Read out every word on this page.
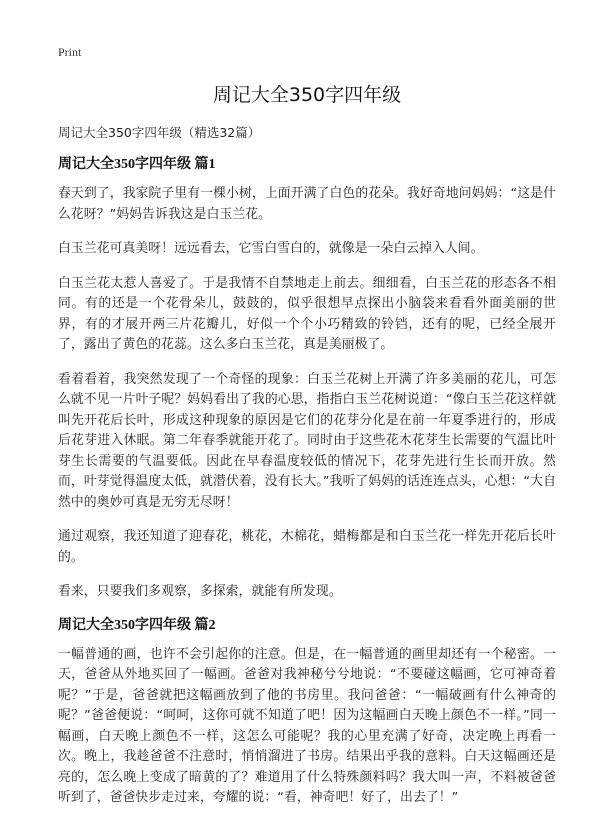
Print
周记大全350字四年级
周记大全350字四年级（精选32篇）
周记大全350字四年级 篇1

春天到了，我家院子里有一棵小树，上面开满了白色的花朵。我好奇地问妈妈：“这是什么花呀？”妈妈告诉我这是白玉兰花。

白玉兰花可真美呀！远远看去，它雪白雪白的，就像是一朵白云掉入人间。

白玉兰花太惹人喜爱了。于是我情不自禁地走上前去。细细看，白玉兰花的形态各不相同。有的还是一个花骨朵儿，鼓鼓的，似乎很想早点探出小脑袋来看看外面美丽的世界，有的才展开两三片花瓣儿，好似一个个小巧精致的铃铛，还有的呢，已经全展开了，露出了黄色的花蕊。这么多白玉兰花，真是美丽极了。

看着看着，我突然发现了一个奇怪的现象：白玉兰花树上开满了许多美丽的花儿，可怎么就不见一片叶子呢？妈妈看出了我的心思，指指白玉兰花树说道：“像白玉兰花这样就叫先开花后长叶，形成这种现象的原因是它们的花芽分化是在前一年夏季进行的，形成后花芽进入休眠。第二年春季就能开花了。同时由于这些花木花芽生长需要的气温比叶芽生长需要的气温要低。因此在早春温度较低的情况下，花芽先进行生长而开放。然而，叶芽觉得温度太低，就潜伏着，没有长大。”我听了妈妈的话连连点头，心想：“大自然中的奥妙可真是无穷无尽呀！

通过观察，我还知道了迎春花，桃花，木棉花，蜡梅都是和白玉兰花一样先开花后长叶的。

看来，只要我们多观察，多探索，就能有所发现。

周记大全350字四年级 篇2

一幅普通的画，也许不会引起你的注意。但是，在一幅普通的画里却还有一个秘密。一天，爸爸从外地买回了一幅画。爸爸对我神秘兮兮地说：“不要碰这幅画，它可神奇着呢？”于是，爸爸就把这幅画放到了他的书房里。我问爸爸：“一幅破画有什么神奇的呢？”爸爸便说：“呵呵，这你可就不知道了吧！因为这幅画白天晚上颜色不一样。”同一幅画，白天晚上颜色不一样，这怎么可能呢？我的心里充满了好奇，决定晚上再看一次。晚上，我趁爸爸不注意时，悄悄溜进了书房。结果出乎我的意料。白天这幅画还是亮的，怎么晚上变成了暗黄的了？难道用了什么特殊颜料吗？我大叫一声，不料被爸爸听到了，爸爸快步走过来，夸耀的说：“看，神奇吧！好了，出去了！”
